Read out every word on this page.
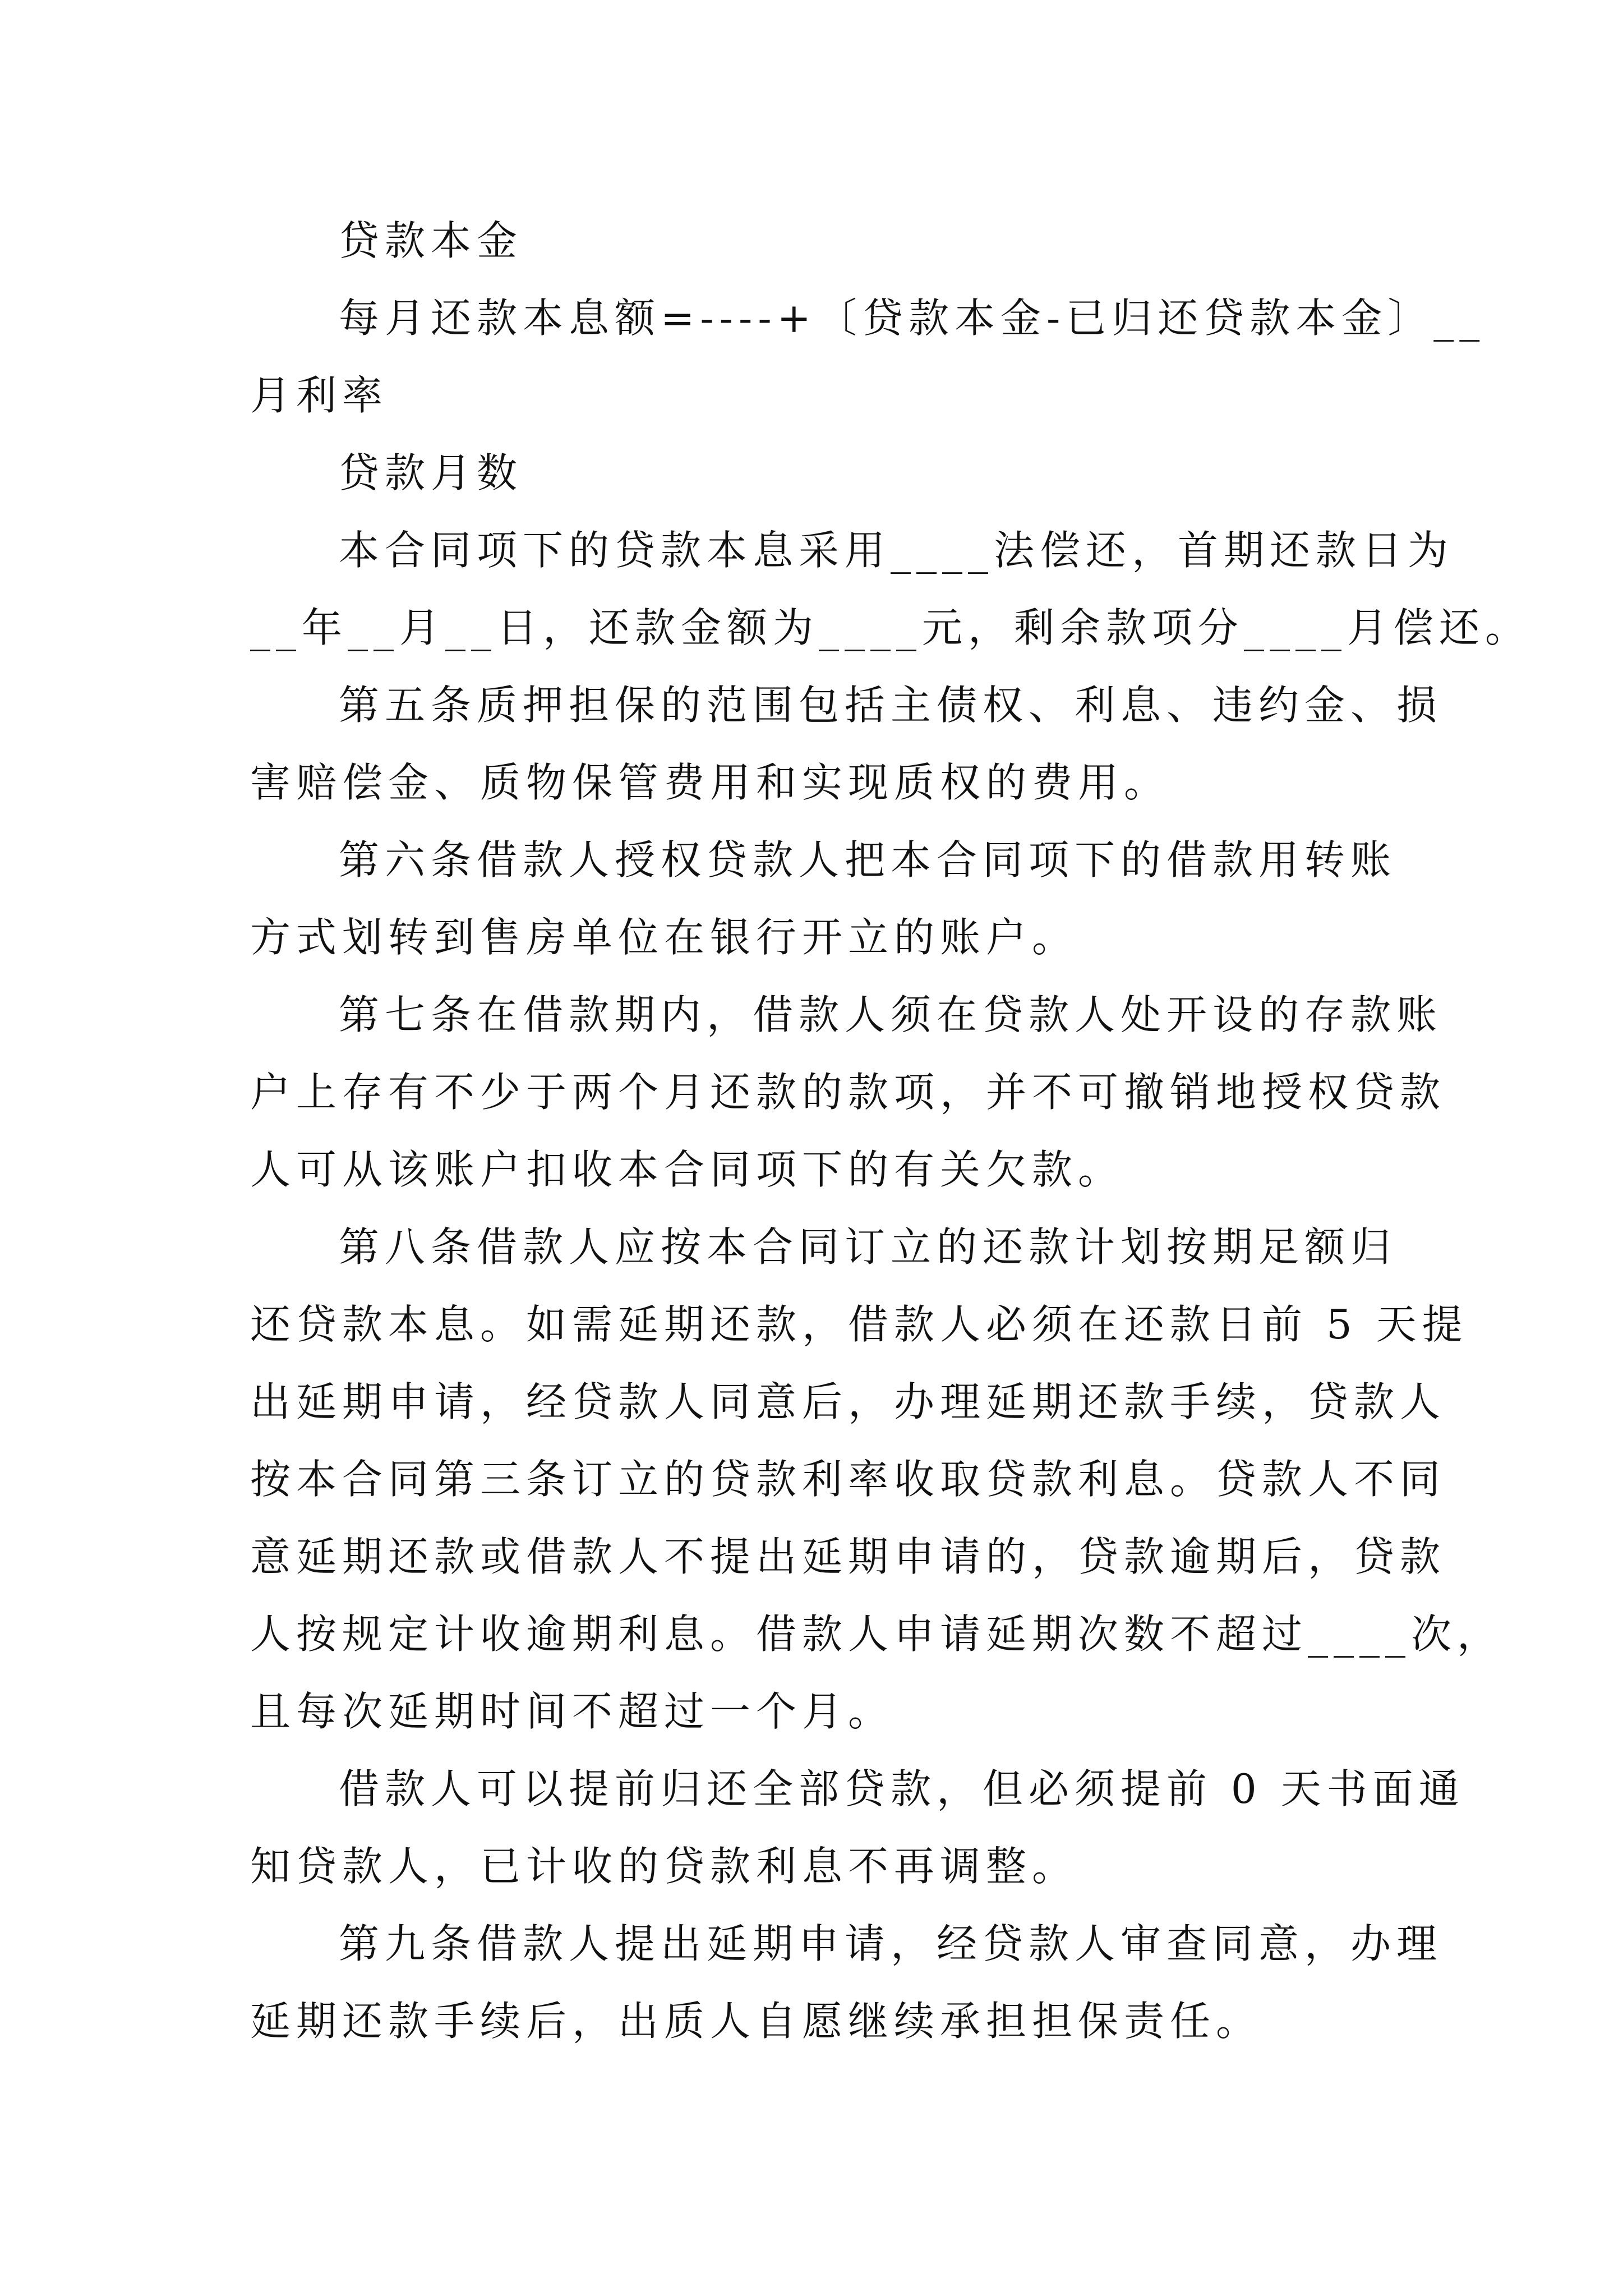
贷款本金
每月还款本息额=----+〔贷款本金-已归还贷款本金〕__
月利率
贷款月数
本合同项下的贷款本息采用____法偿还，首期还款日为
__年__月__日，还款金额为____元，剩余款项分____月偿还。
第五条质押担保的范围包括主债权、利息、违约金、损
害赔偿金、质物保管费用和实现质权的费用。
第六条借款人授权贷款人把本合同项下的借款用转账
方式划转到售房单位在银行开立的账户。
第七条在借款期内，借款人须在贷款人处开设的存款账
户上存有不少于两个月还款的款项，并不可撤销地授权贷款
人可从该账户扣收本合同项下的有关欠款。
第八条借款人应按本合同订立的还款计划按期足额归
还贷款本息。如需延期还款，借款人必须在还款日前 5 天提
出延期申请，经贷款人同意后，办理延期还款手续，贷款人
按本合同第三条订立的贷款利率收取贷款利息。贷款人不同
意延期还款或借款人不提出延期申请的，贷款逾期后，贷款
人按规定计收逾期利息。借款人申请延期次数不超过____次，
且每次延期时间不超过一个月。
借款人可以提前归还全部贷款，但必须提前 0 天书面通
知贷款人，已计收的贷款利息不再调整。
第九条借款人提出延期申请，经贷款人审查同意，办理
延期还款手续后，出质人自愿继续承担担保责任。
